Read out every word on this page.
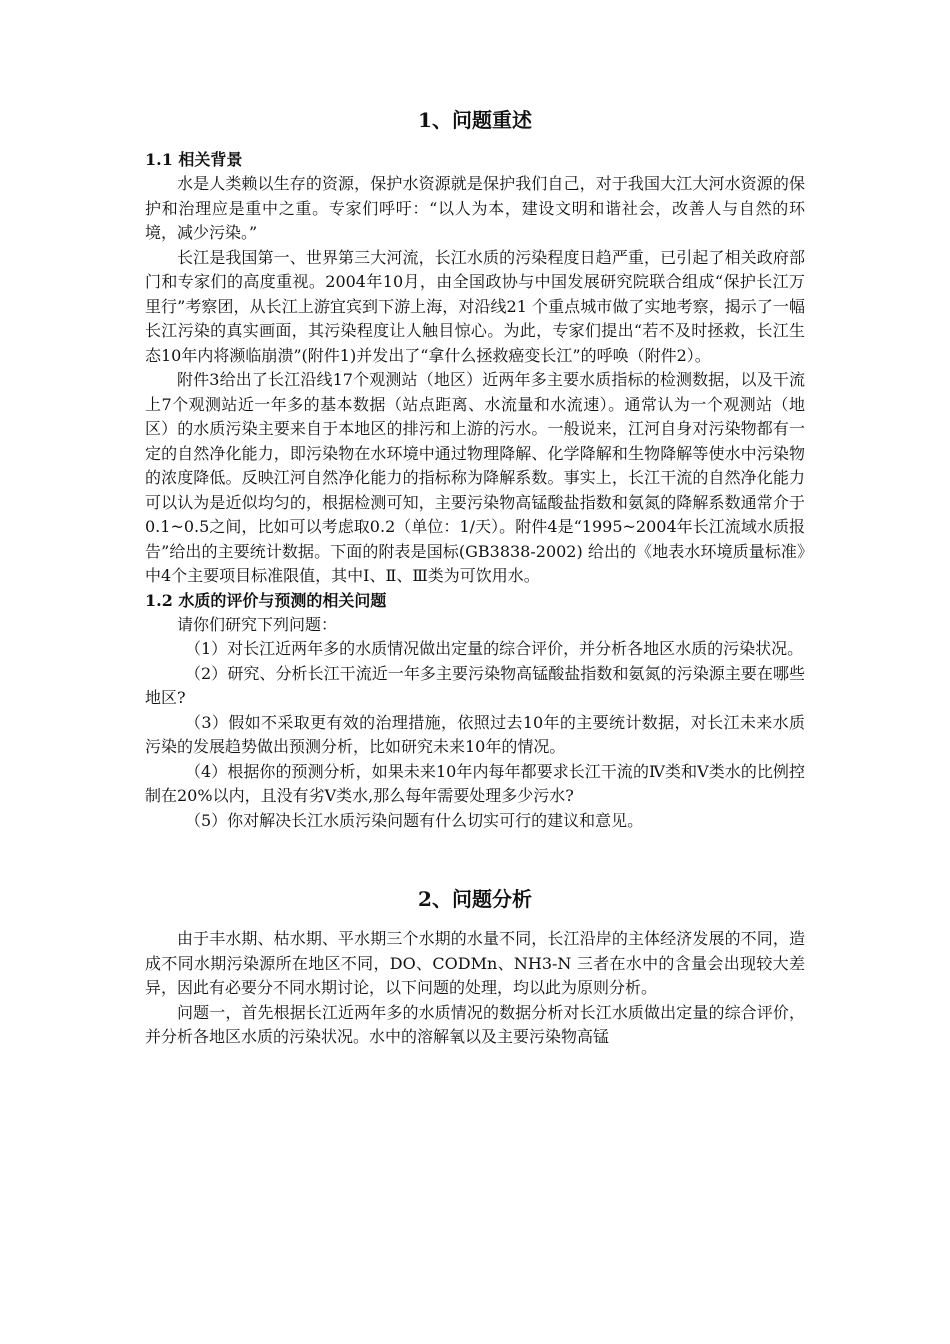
1、问题重述
1.1 相关背景

水是人类赖以生存的资源，保护水资源就是保护我们自己，对于我国大江大河水资源的保护和治理应是重中之重。专家们呼吁：“以人为本，建设文明和谐社会，改善人与自然的环境，减少污染。”

长江是我国第一、世界第三大河流，长江水质的污染程度日趋严重，已引起了相关政府部门和专家们的高度重视。2004年10月，由全国政协与中国发展研究院联合组成“保护长江万里行”考察团，从长江上游宜宾到下游上海，对沿线21 个重点城市做了实地考察，揭示了一幅长江污染的真实画面，其污染程度让人触目惊心。为此，专家们提出“若不及时拯救，长江生态10年内将濒临崩溃”(附件1)并发出了“拿什么拯救癌变长江”的呼唤（附件2）。

附件3给出了长江沿线17个观测站（地区）近两年多主要水质指标的检测数据，以及干流上7个观测站近一年多的基本数据（站点距离、水流量和水流速）。通常认为一个观测站（地区）的水质污染主要来自于本地区的排污和上游的污水。一般说来，江河自身对污染物都有一定的自然净化能力，即污染物在水环境中通过物理降解、化学降解和生物降解等使水中污染物的浓度降低。反映江河自然净化能力的指标称为降解系数。事实上，长江干流的自然净化能力可以认为是近似均匀的，根据检测可知，主要污染物高锰酸盐指数和氨氮的降解系数通常介于0.1~0.5之间，比如可以考虑取0.2（单位：1/天）。附件4是“1995~2004年长江流域水质报告”给出的主要统计数据。下面的附表是国标(GB3838-2002) 给出的《地表水环境质量标准》中4个主要项目标准限值，其中Ⅰ、Ⅱ、Ⅲ类为可饮用水。

1.2 水质的评价与预测的相关问题

请你们研究下列问题：

（1）对长江近两年多的水质情况做出定量的综合评价，并分析各地区水质的污染状况。

（2）研究、分析长江干流近一年多主要污染物高锰酸盐指数和氨氮的污染源主要在哪些地区?

（3）假如不采取更有效的治理措施，依照过去10年的主要统计数据，对长江未来水质污染的发展趋势做出预测分析，比如研究未来10年的情况。

（4）根据你的预测分析，如果未来10年内每年都要求长江干流的Ⅳ类和Ⅴ类水的比例控制在20%以内，且没有劣Ⅴ类水,那么每年需要处理多少污水?

（5）你对解决长江水质污染问题有什么切实可行的建议和意见。

2、问题分析

由于丰水期、枯水期、平水期三个水期的水量不同，长江沿岸的主体经济发展的不同，造成不同水期污染源所在地区不同，DO、CODMn、NH3-N 三者在水中的含量会出现较大差异，因此有必要分不同水期讨论，以下问题的处理，均以此为原则分析。

问题一，首先根据长江近两年多的水质情况的数据分析对长江水质做出定量的综合评价，并分析各地区水质的污染状况。水中的溶解氧以及主要污染物高锰
